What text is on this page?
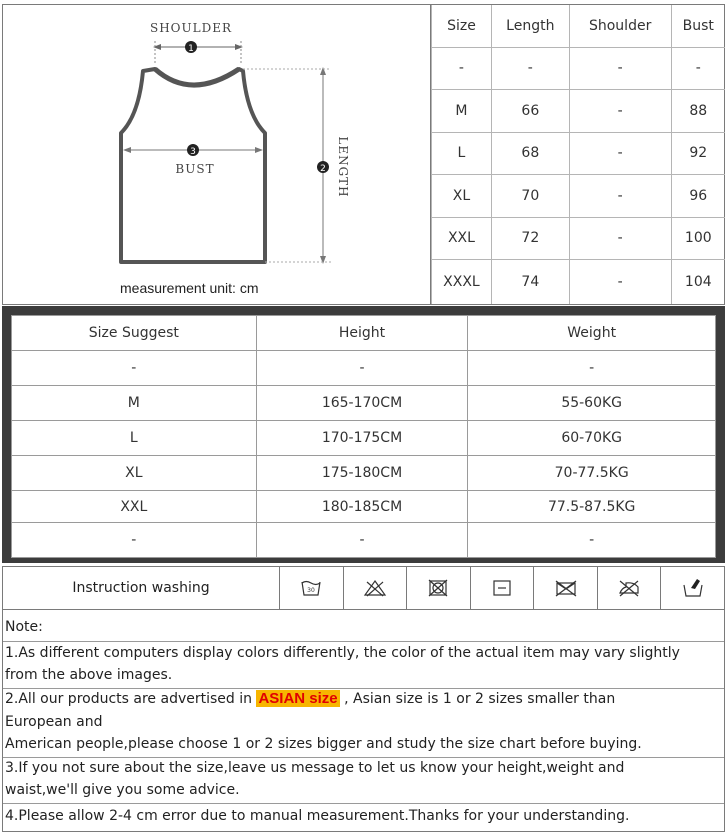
SHOULDER
1
3
BUST	2 LENGTH
measurement unit: cm
Size	Length	Shoulder	Bust
-	-	-	-
M	66	-	88
L	68	-	92
XL	70	-	96
XXL	72	-	100
XXXL	74	-	104
Size Suggest	Height	Weight
-	-	-
M	165-170CM	55-60KG
L	170-175CM	60-70KG
XL	175-180CM	70-77.5KG
XXL	180-185CM	77.5-87.5KG
-	-	-
Instruction washing	30

Note:

1.As different computers display colors differently, the color of the actual item may vary slightly

from the above images.

2.All our products are advertised in ASIAN size , Asian size is 1 or 2 sizes smaller than

European and

American people,please choose 1 or 2 sizes bigger and study the size chart before buying.

3.If you not sure about the size,leave us message to let us know your height,weight and

waist,we'll give you some advice.

4.Please allow 2-4 cm error due to manual measurement.Thanks for your understanding.
